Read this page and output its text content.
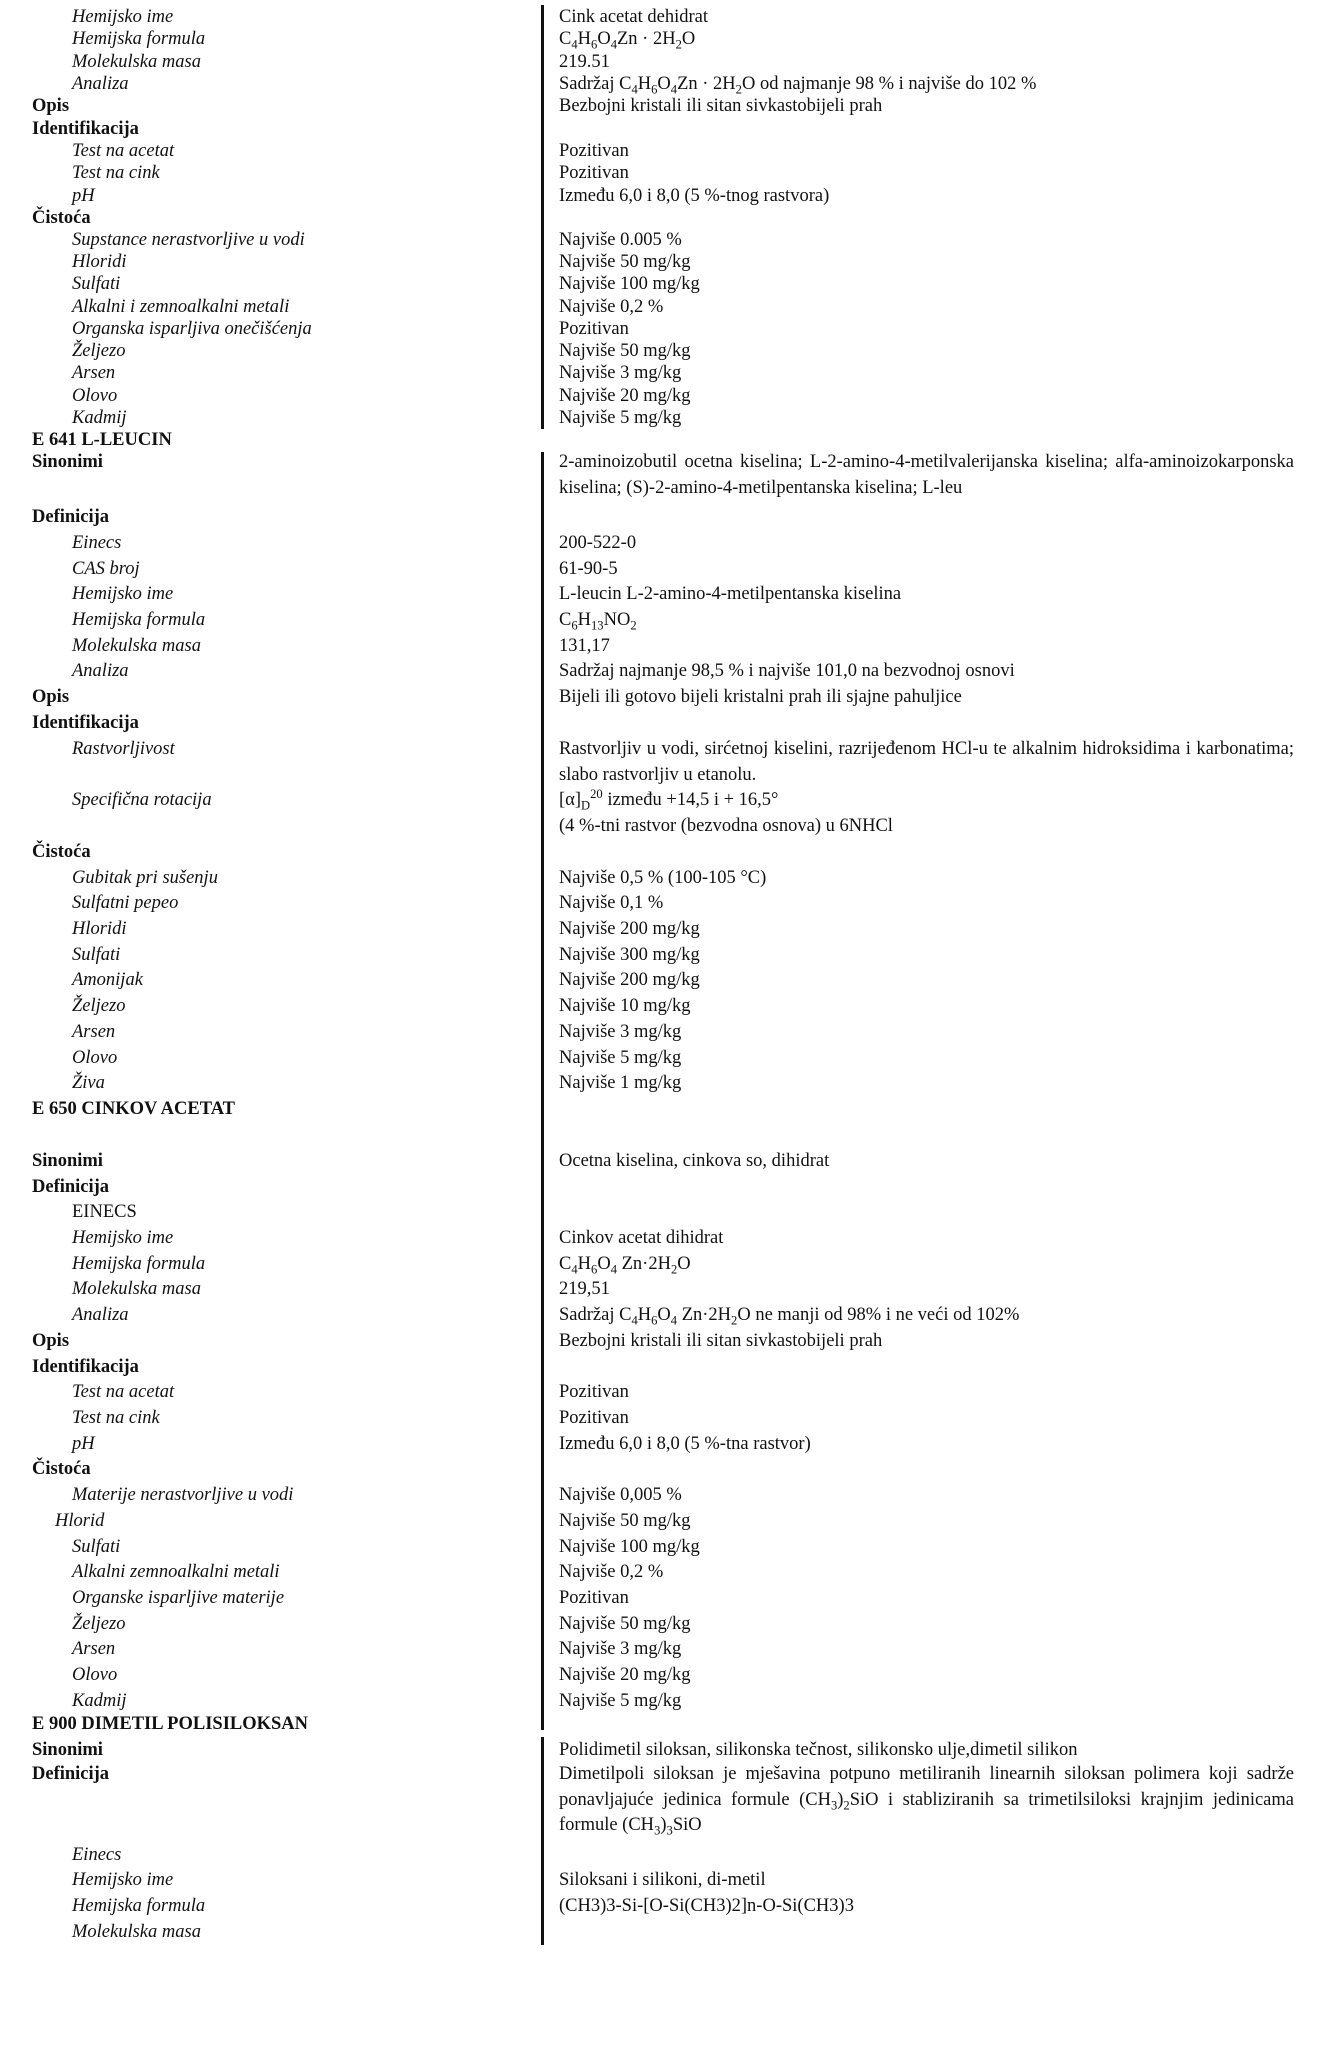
Hemijsko ime	Cink acetat dehidrat
Hemijska formula	$C_4H_6O_4Zn \cdot 2H_2O$
Molekulska masa	219.51
Analiza	Sadržaj $C_4H_6O_4Zn \cdot 2H_2O$ od najmanje 98 % i najviše do 102 %
Opis	Bezbojni kristali ili sitan sivkastobijeli prah
Identifikacija
Test na acetat	Pozitivan
Test na cink	Pozitivan
pH	Između 6,0 i 8,0 (5 %-tnog rastvora)
Čistoća
Supstance nerastvorljive u vodi	Najviše 0.005 %
Hloridi	Najviše 50 mg/kg
Sulfati	Najviše 100 mg/kg
Alkalni i zemnoalkalni metali	Najviše 0,2 %
Organska isparljiva onečišćenja	Pozitivan
Željezo	Najviše 50 mg/kg
Arsen	Najviše 3 mg/kg
Olovo	Najviše 20 mg/kg
Kadmij	Najviše 5 mg/kg
E 641 L-LEUCIN
Sinonimi	2-aminoizobutil ocetna kiselina; L-2-amino-4-metilvalerijanska kiselina; alfa-aminoizokarponska kiselina; (S)-2-amino-4-metilpentanska kiselina; L-leu
Definicija
Einecs	200-522-0
CAS broj	61-90-5
Hemijsko ime	L-leucin L-2-amino-4-metilpentanska kiselina
Hemijska formula	$C_6H_{13}NO_2$
Molekulska masa	131,17
Analiza	Sadržaj najmanje 98,5 % i najviše 101,0 na bezvodnoj osnovi
Opis	Bijeli ili gotovo bijeli kristalni prah ili sjajne pahuljice
Identifikacija
Rastvorljivost	Rastvorljiv u vodi, sirćetnoj kiselini, razrijeđenom HCl-u te alkalnim hidroksidima i karbonatima; slabo rastvorljiv u etanolu.
Specifična rotacija	$[\alpha]_D^{20}$ između +14,5 i + 16,5°
(4 %-tni rastvor (bezvodna osnova) u 6NHCl
Čistoća
Gubitak pri sušenju	Najviše 0,5 % (100-105 °C)
Sulfatni pepeo	Najviše 0,1 %
Hloridi	Najviše 200 mg/kg
Sulfati	Najviše 300 mg/kg
Amonijak	Najviše 200 mg/kg
Željezo	Najviše 10 mg/kg
Arsen	Najviše 3 mg/kg
Olovo	Najviše 5 mg/kg
Živa	Najviše 1 mg/kg
E 650 CINKOV ACETAT
Sinonimi	Ocetna kiselina, cinkova so, dihidrat
Definicija
EINECS
Hemijsko ime	Cinkov acetat dihidrat
Hemijska formula	$C_4H_6O_4$ $Zn\cdot 2H_2O$
Molekulska masa	219,51
Analiza	Sadržaj $C_4H_6O_4$ $Zn\cdot 2H_2O$ ne manji od 98% i ne veći od 102%
Opis	Bezbojni kristali ili sitan sivkastobijeli prah
Identifikacija
Test na acetat	Pozitivan
Test na cink	Pozitivan
pH	Između 6,0 i 8,0 (5 %-tna rastvor)
Čistoća
Materije nerastvorljive u vodi	Najviše 0,005 %
Hlorid	Najviše 50 mg/kg
Sulfati	Najviše 100 mg/kg
Alkalni zemnoalkalni metali	Najviše 0,2 %
Organske isparljive materije	Pozitivan
Željezo	Najviše 50 mg/kg
Arsen	Najviše 3 mg/kg
Olovo	Najviše 20 mg/kg
Kadmij	Najviše 5 mg/kg
E 900 DIMETIL POLISILOKSAN
Sinonimi	Polidimetil siloksan, silikonska tečnost, silikonsko ulje,dimetil silikon
Definicija	Dimetilpoli siloksan je mješavina potpuno metiliranih linearnih siloksan polimera koji sadrže ponavljajuće jedinica formule $(CH_3)_2SiO$ i stabliziranih sa trimetilsiloksi krajnjim jedinicama formule $(CH_3)_3SiO$
Einecs
Hemijsko ime	Siloksani i silikoni, di-metil
Hemijska formula	(CH3)3-Si-[O-Si(CH3)2]n-O-Si(CH3)3
Molekulska masa
